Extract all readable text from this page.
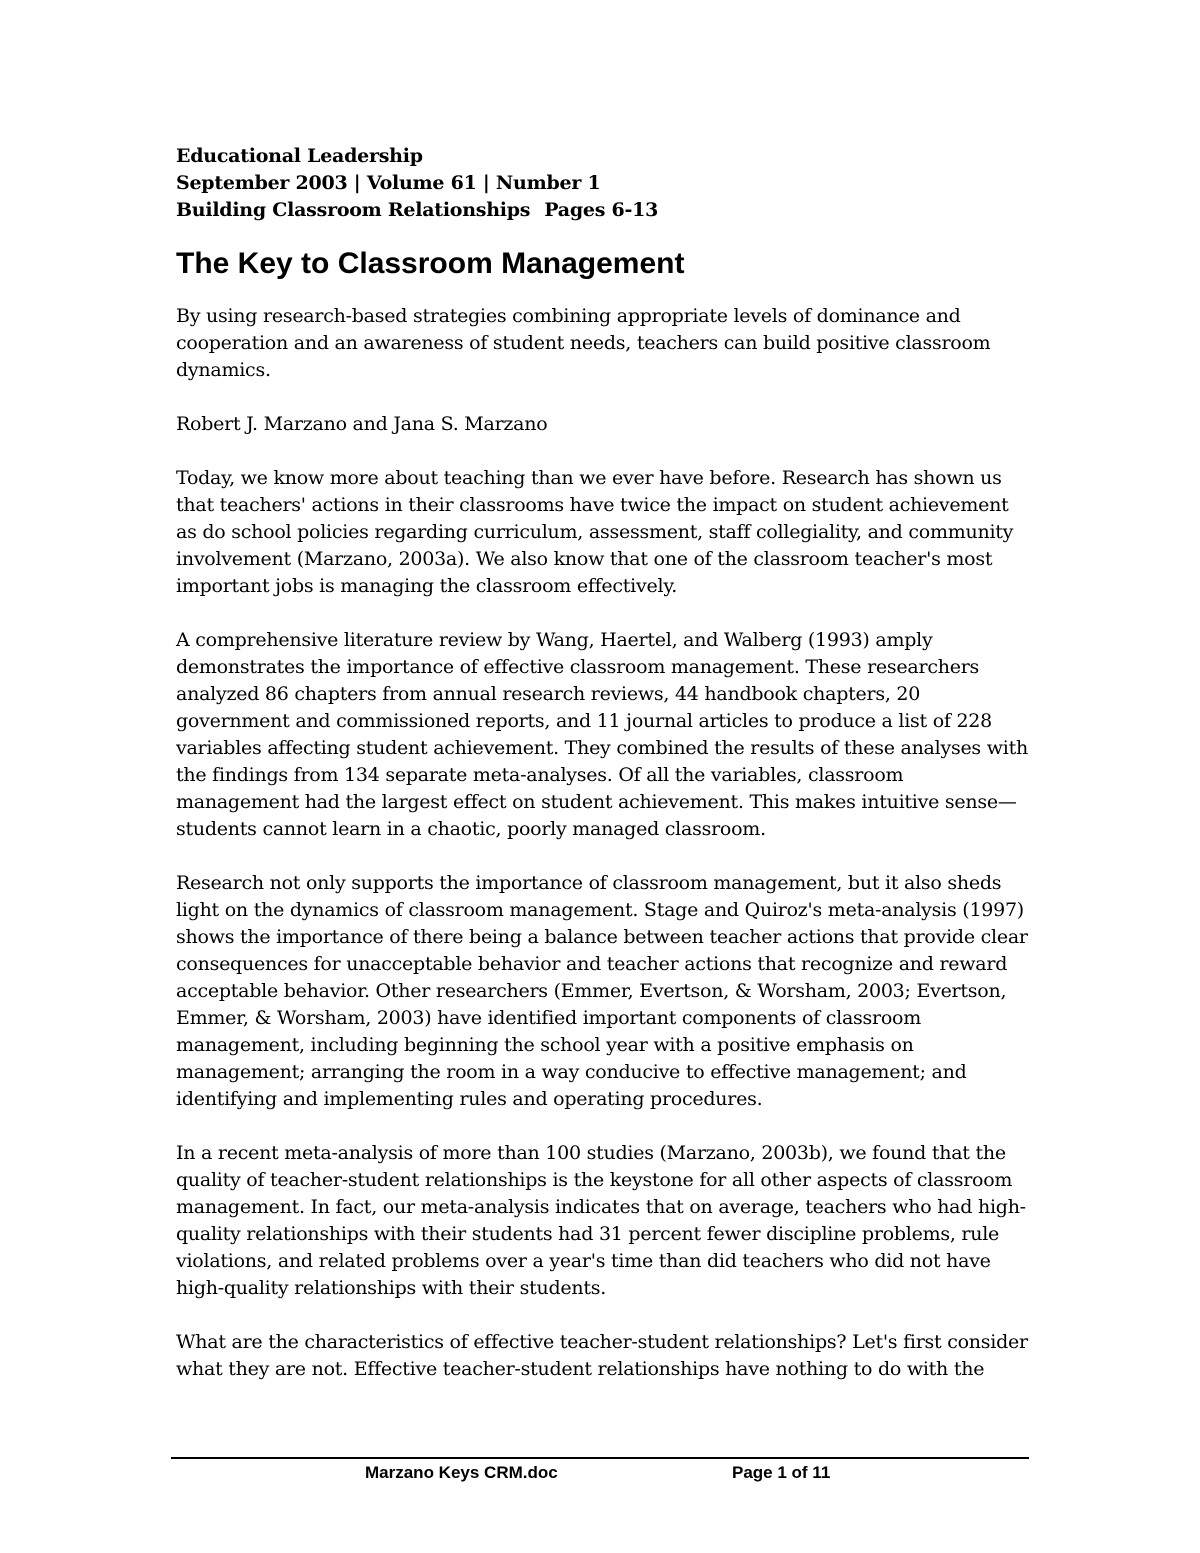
Educational Leadership
September 2003 | Volume 61 | Number 1
Building Classroom Relationships Pages 6-13
The Key to Classroom Management

By using research-based strategies combining appropriate levels of dominance and cooperation and an awareness of student needs, teachers can build positive classroom dynamics.

Robert J. Marzano and Jana S. Marzano

Today, we know more about teaching than we ever have before. Research has shown us that teachers' actions in their classrooms have twice the impact on student achievement as do school policies regarding curriculum, assessment, staff collegiality, and community involvement (Marzano, 2003a). We also know that one of the classroom teacher's most important jobs is managing the classroom effectively.

A comprehensive literature review by Wang, Haertel, and Walberg (1993) amply demonstrates the importance of effective classroom management. These researchers analyzed 86 chapters from annual research reviews, 44 handbook chapters, 20 government and commissioned reports, and 11 journal articles to produce a list of 228 variables affecting student achievement. They combined the results of these analyses with the findings from 134 separate meta-analyses. Of all the variables, classroom management had the largest effect on student achievement. This makes intuitive sense—students cannot learn in a chaotic, poorly managed classroom.

Research not only supports the importance of classroom management, but it also sheds light on the dynamics of classroom management. Stage and Quiroz's meta-analysis (1997) shows the importance of there being a balance between teacher actions that provide clear consequences for unacceptable behavior and teacher actions that recognize and reward acceptable behavior. Other researchers (Emmer, Evertson, & Worsham, 2003; Evertson, Emmer, & Worsham, 2003) have identified important components of classroom management, including beginning the school year with a positive emphasis on management; arranging the room in a way conducive to effective management; and identifying and implementing rules and operating procedures.

In a recent meta-analysis of more than 100 studies (Marzano, 2003b), we found that the quality of teacher-student relationships is the keystone for all other aspects of classroom management. In fact, our meta-analysis indicates that on average, teachers who had high-quality relationships with their students had 31 percent fewer discipline problems, rule violations, and related problems over a year's time than did teachers who did not have high-quality relationships with their students.

What are the characteristics of effective teacher-student relationships? Let's first consider what they are not. Effective teacher-student relationships have nothing to do with the

Marzano Keys CRM.doc	Page 1 of 11
